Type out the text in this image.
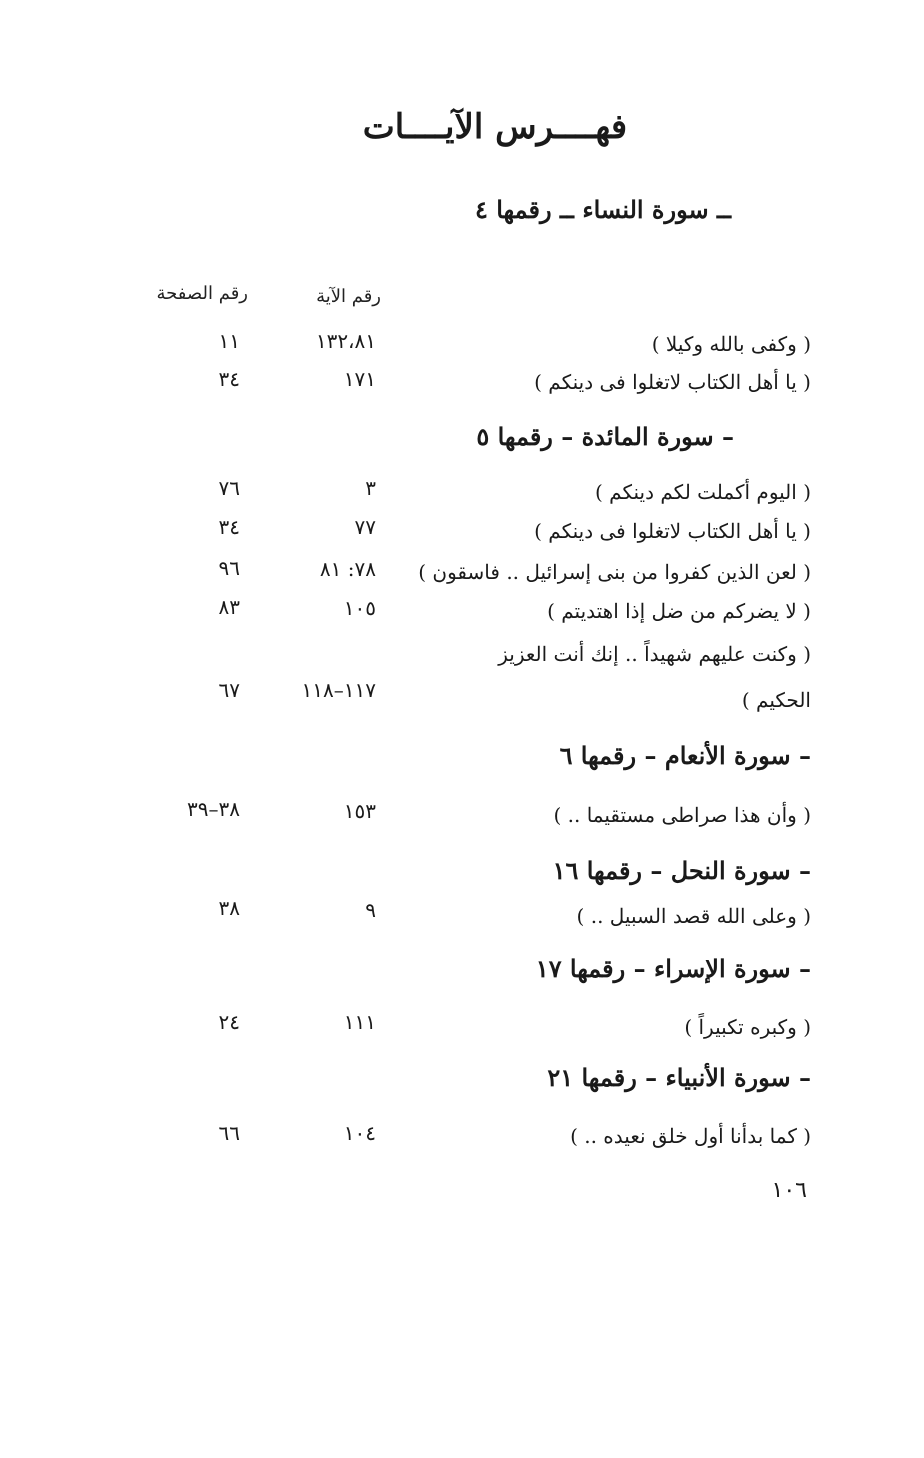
فهــــرس الآيــــات
ــ سورة النساء ــ رقمها ٤
رقم الآية
رقم الصفحة
( وكفى بالله وكيلا )
١٣٢،٨١
١١
( يا أهل الكتاب لاتغلوا فى دينكم )
١٧١
٣٤
– سورة المائدة – رقمها ٥
( اليوم أكملت لكم دينكم )
٣
٧٦
( يا أهل الكتاب لاتغلوا فى دينكم )
٧٧
٣٤
( لعن الذين كفروا من بنى إسرائيل .. فاسقون )
٧٨: ٨١
٩٦
( لا يضركم من ضل إذا اهتديتم )
١٠٥
٨٣
( وكنت عليهم شهيداً .. إنك أنت العزيز
الحكيم )
١١٧–١١٨
٦٧
– سورة الأنعام – رقمها ٦
( وأن هذا صراطى مستقيما .. )
١٥٣
٣٨–٣٩
– سورة النحل – رقمها ١٦
( وعلى الله قصد السبيل .. )
٩
٣٨
– سورة الإسراء – رقمها ١٧
( وكبره تكبيراً )
١١١
٢٤
– سورة الأنبياء – رقمها ٢١
( كما بدأنا أول خلق نعيده .. )
١٠٤
٦٦
١٠٦
